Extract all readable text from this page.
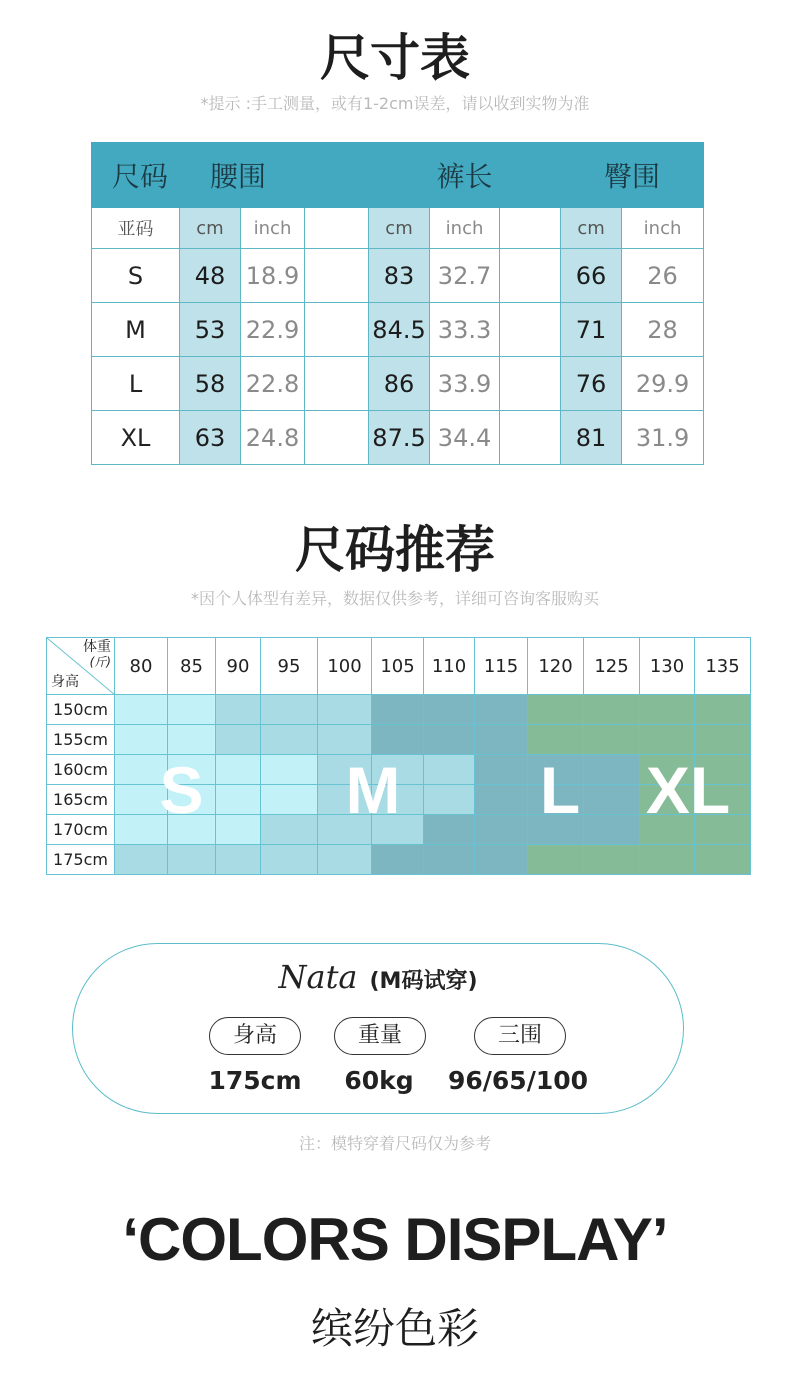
尺寸表
*提示 :手工测量，或有1-2cm误差，请以收到实物为准
尺码	腰围			裤长			臀围	
亚码	cm	inch		cm	inch		cm	inch
S	48	18.9		83	32.7		66	26
M	53	22.9		84.5	33.3		71	28
L	58	22.8		86	33.9		76	29.9
XL	63	24.8		87.5	34.4		81	31.9
尺码推荐
*因个人体型有差异，数据仅供参考，详细可咨询客服购买
体重
(斤)
身高	80	85	90	95	100	105	110	115	120	125	130	135
150cm												
155cm												
160cm												
165cm												
170cm												
175cm												
S	M	L XL
Nata (M码试穿)
身高	重量	三围
175cm	60kg	96/65/100
注：模特穿着尺码仅为参考
‘COLORS DISPLAY’
缤纷色彩
